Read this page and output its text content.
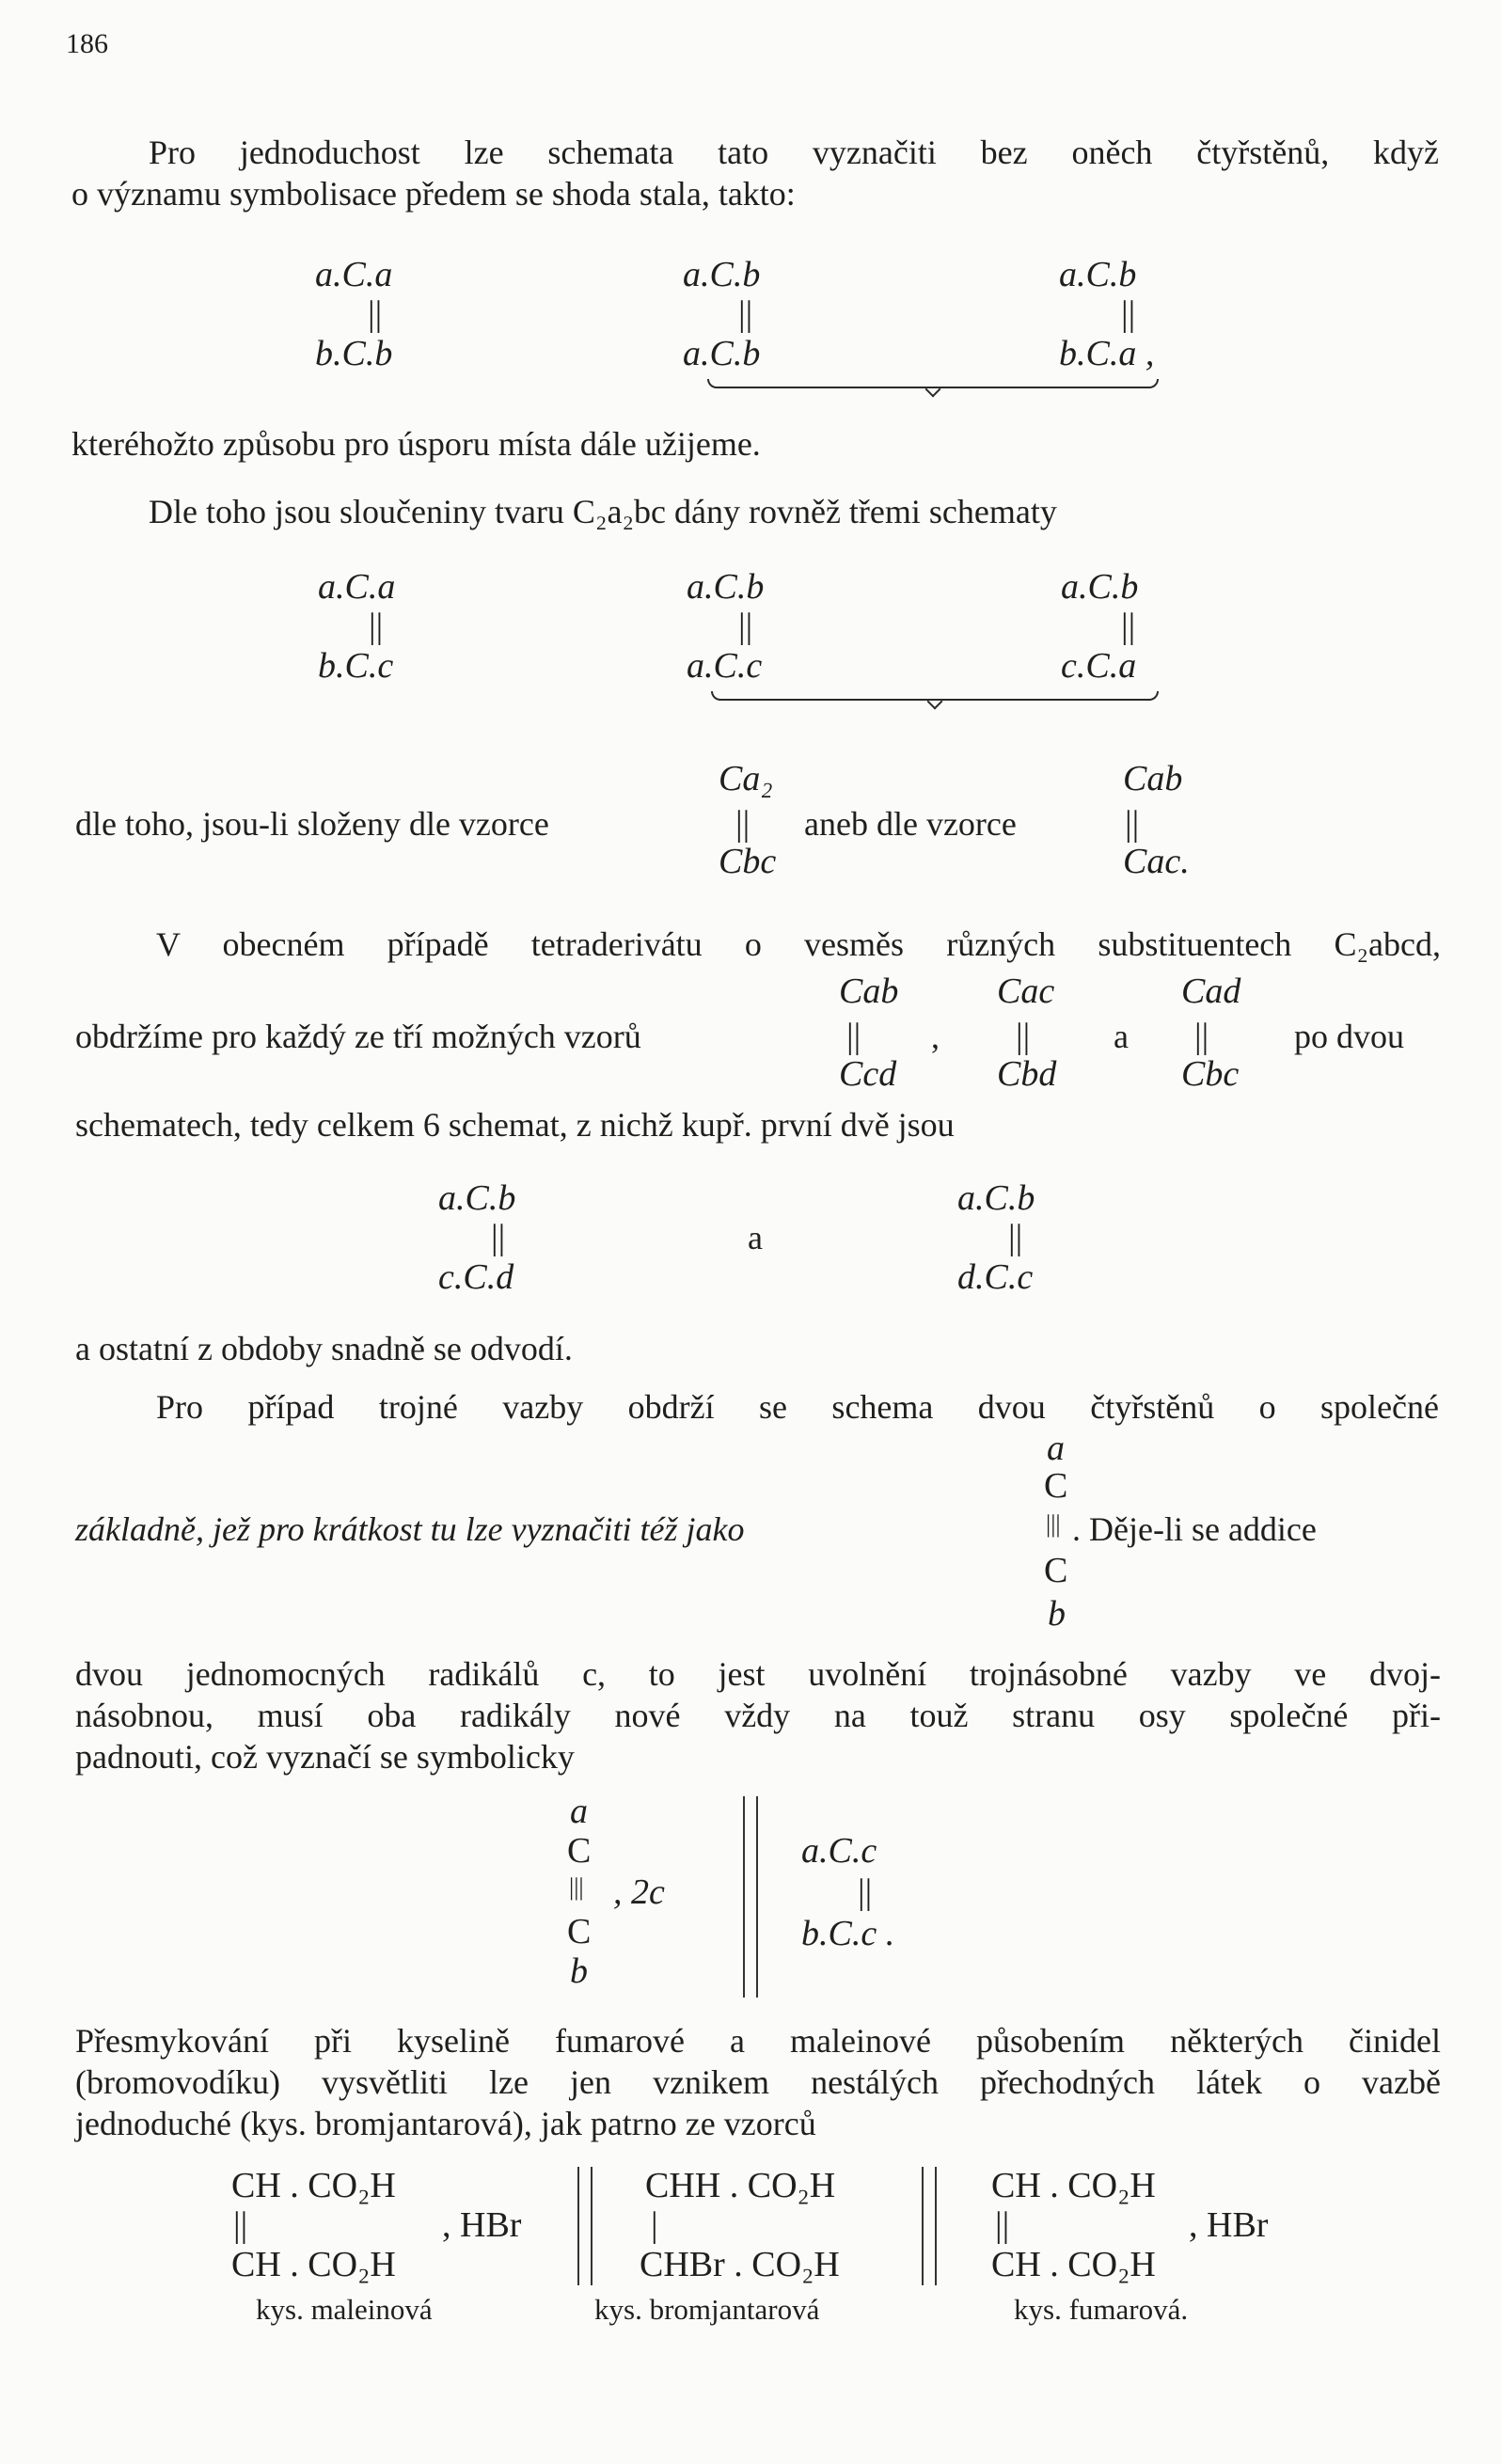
186
Pro jednoduchost lze schemata tato vyznačiti bez oněch čtyřstěnů, když
o významu symbolisace předem se shoda stala, takto:
a.C.a
||
b.C.b
a.C.b
||
a.C.b
a.C.b
||
b.C.a ,
kteréhožto způsobu pro úsporu místa dále užijeme.
Dle toho jsou sloučeniny tvaru C₂a₂bc dány rovněž třemi schematy
a.C.a
||
b.C.c
a.C.b
||
a.C.c
a.C.b
||
c.C.a
Ca₂	Cab
dle toho, jsou-li složeny dle vzorce	|| aneb dle vzorce	||
Cbc	Cac.
V obecném případě tetraderivátu o vesměs různých substituentech C₂abcd,
Cab	Cac	Cad
obdržíme pro každý ze tří možných vzorů	|| , || a ||	po dvou
Ccd	Cbd	Cbc
schematech, tedy celkem 6 schemat, z nichž kupř. první dvě jsou
a.C.b
||
c.C.d
a
a.C.b
||
d.C.c
a ostatní z obdoby snadně se odvodí.
Pro případ trojné vazby obdrží se schema dvou čtyřstěnů o společné
a
C
|||
C
b
základně, jež pro krátkost tu lze vyznačiti též jako	. Děje-li se addice
dvou jednomocných radikálů c, to jest uvolnění trojnásobné vazby ve dvoj-
násobnou, musí oba radikály nové vždy na touž stranu osy společné při-
padnouti, což vyznačí se symbolicky
a
C
|||
C
b
, 2c
a.C.c
||
b.C.c .
Přesmykování při kyselině fumarové a maleinové působením některých činidel
(bromovodíku) vysvětliti lze jen vznikem nestálých přechodných látek o vazbě
jednoduché (kys. bromjantarová), jak patrno ze vzorců
CH . CO₂H
||	, HBr
CH . CO₂H
kys. maleinová
CHH . CO₂H
|
CHBr . CO₂H
kys. bromjantarová
CH . CO₂H
||	, HBr
CH . CO₂H
kys. fumarová.
